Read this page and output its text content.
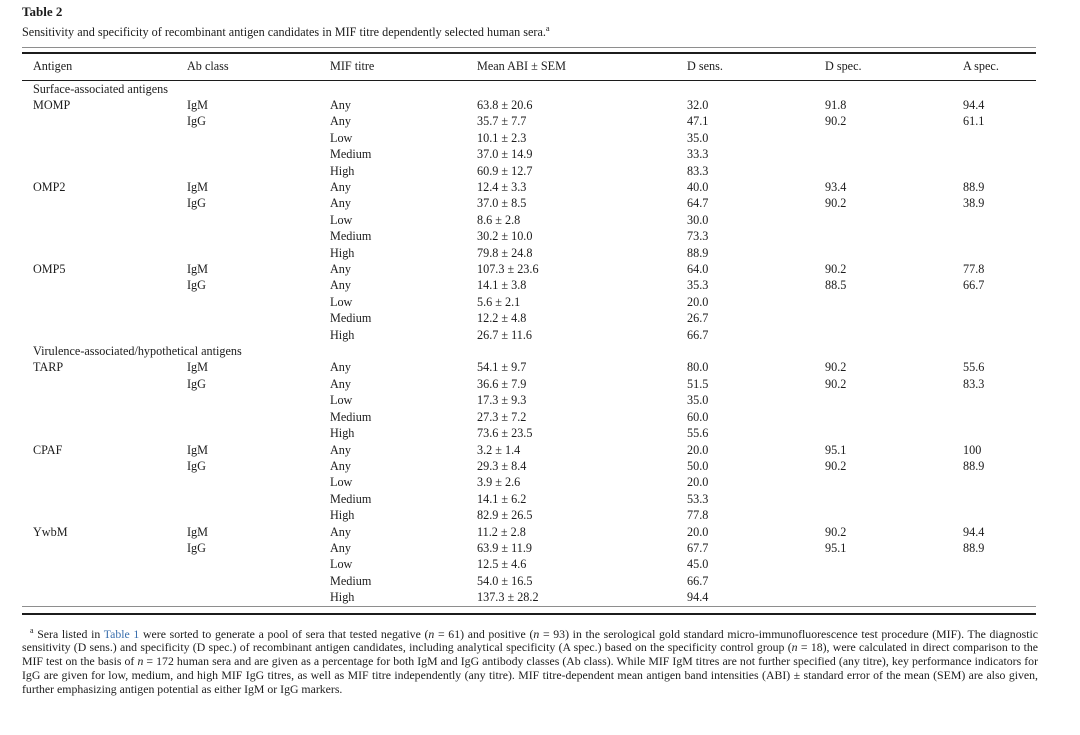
Table 2
Sensitivity and specificity of recombinant antigen candidates in MIF titre dependently selected human sera.$^a$
Antigen	Ab class	MIF titre	Mean ABI ± SEM	D sens.	D spec.	A spec.
Surface-associated antigens						
MOMP	IgM	Any	63.8 ± 20.6	32.0	91.8	94.4
	IgG	Any	35.7 ± 7.7	47.1	90.2	61.1
		Low	10.1 ± 2.3	35.0		
		Medium	37.0 ± 14.9	33.3		
		High	60.9 ± 12.7	83.3		
OMP2	IgM	Any	12.4 ± 3.3	40.0	93.4	88.9
	IgG	Any	37.0 ± 8.5	64.7	90.2	38.9
		Low	8.6 ± 2.8	30.0		
		Medium	30.2 ± 10.0	73.3		
		High	79.8 ± 24.8	88.9		
OMP5	IgM	Any	107.3 ± 23.6	64.0	90.2	77.8
	IgG	Any	14.1 ± 3.8	35.3	88.5	66.7
		Low	5.6 ± 2.1	20.0		
		Medium	12.2 ± 4.8	26.7		
		High	26.7 ± 11.6	66.7		
Virulence-associated/hypothetical antigens						
TARP	IgM	Any	54.1 ± 9.7	80.0	90.2	55.6
	IgG	Any	36.6 ± 7.9	51.5	90.2	83.3
		Low	17.3 ± 9.3	35.0		
		Medium	27.3 ± 7.2	60.0		
		High	73.6 ± 23.5	55.6		
CPAF	IgM	Any	3.2 ± 1.4	20.0	95.1	100
	IgG	Any	29.3 ± 8.4	50.0	90.2	88.9
		Low	3.9 ± 2.6	20.0		
		Medium	14.1 ± 6.2	53.3		
		High	82.9 ± 26.5	77.8		
YwbM	IgM	Any	11.2 ± 2.8	20.0	90.2	94.4
	IgG	Any	63.9 ± 11.9	67.7	95.1	88.9
		Low	12.5 ± 4.6	45.0		
		Medium	54.0 ± 16.5	66.7		
		High	137.3 ± 28.2	94.4		

$^a$ Sera listed in Table 1 were sorted to generate a pool of sera that tested negative (n = 61) and positive (n = 93) in the serological gold standard micro-immunofluorescence test procedure (MIF). The diagnostic sensitivity (D sens.) and specificity (D spec.) of recombinant antigen candidates, including analytical specificity (A spec.) based on the specificity control group (n = 18), were calculated in direct comparison to the MIF test on the basis of n = 172 human sera and are given as a percentage for both IgM and IgG antibody classes (Ab class). While MIF IgM titres are not further specified (any titre), key performance indicators for IgG are given for low, medium, and high MIF IgG titres, as well as MIF titre independently (any titre). MIF titre-dependent mean antigen band intensities (ABI) ± standard error of the mean (SEM) are also given, further emphasizing antigen potential as either IgM or IgG markers.
